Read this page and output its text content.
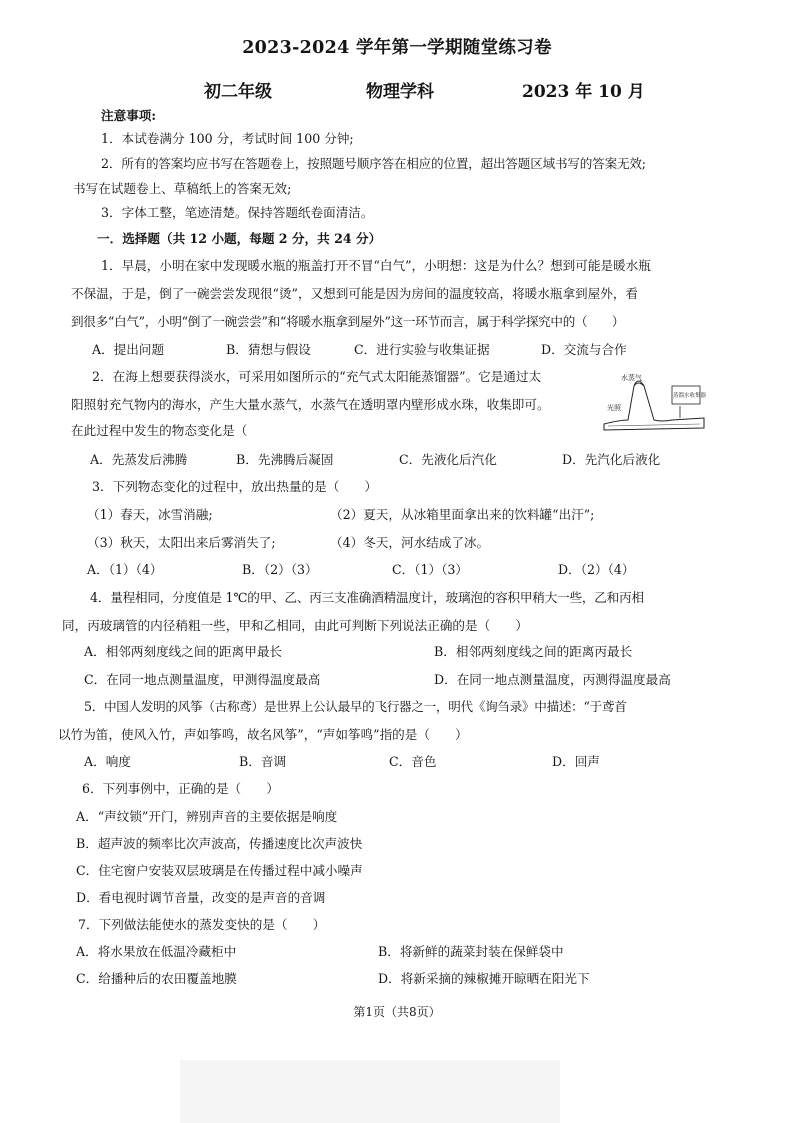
2023-2024 学年第一学期随堂练习卷
初二年级	物理学科	2023 年 10 月
注意事项:
1．本试卷满分 100 分，考试时间 100 分钟;
2．所有的答案均应书写在答题卷上，按照题号顺序答在相应的位置，超出答题区域书写的答案无效;
书写在试题卷上、草稿纸上的答案无效;
3．字体工整，笔迹清楚。保持答题纸卷面清洁。
一．选择题（共 12 小题，每题 2 分，共 24 分）
1．早晨，小明在家中发现暖水瓶的瓶盖打开不冒“白气”，小明想：这是为什么？想到可能是暖水瓶
不保温，于是，倒了一碗尝尝发现很“烫”，又想到可能是因为房间的温度较高，将暖水瓶拿到屋外，看
到很多“白气”，小明“倒了一碗尝尝”和“将暖水瓶拿到屋外”这一环节而言，属于科学探究中的（　　）
A．提出问题	B．猜想与假设	C．进行实验与收集证据	D．交流与合作
2．在海上想要获得淡水，可采用如图所示的“充气式太阳能蒸馏器”。它是通过太
阳照射充气物内的海水，产生大量水蒸气，水蒸气在透明罩内壁形成水珠，收集即可。
在此过程中发生的物态变化是（
水蒸气
光照
蒸馏水收集器
A．先蒸发后沸腾	B．先沸腾后凝固	C．先液化后汽化	D．先汽化后液化
3．下列物态变化的过程中，放出热量的是（　　）
（1）春天，冰雪消融;	（2）夏天，从冰箱里面拿出来的饮料罐“出汗”;
（3）秋天，太阳出来后雾消失了;	（4）冬天，河水结成了冰。
A．（1）（4）	B．（2）（3）	C．（1）（3）	D．（2）（4）
4．量程相同，分度值是 1℃的甲、乙、丙三支准确酒精温度计，玻璃泡的容积甲稍大一些，乙和丙相
同，丙玻璃管的内径稍粗一些，甲和乙相同，由此可判断下列说法正确的是（　　）
A．相邻两刻度线之间的距离甲最长	B．相邻两刻度线之间的距离丙最长
C．在同一地点测量温度，甲测得温度最高	D．在同一地点测量温度，丙测得温度最高
5．中国人发明的风筝（古称鸢）是世界上公认最早的飞行器之一，明代《询刍录》中描述：“于鸢首
以竹为笛，使风入竹，声如筝鸣，故名风筝”，“声如筝鸣”指的是（　　）
A．响度	B．音调	C．音色	D．回声
6．下列事例中，正确的是（　　）
A．“声纹锁”开门，辨别声音的主要依据是响度
B．超声波的频率比次声波高，传播速度比次声波快
C．住宅窗户安装双层玻璃是在传播过程中减小噪声
D．看电视时调节音量，改变的是声音的音调
7．下列做法能使水的蒸发变快的是（　　）
A．将水果放在低温冷藏柜中	B．将新鲜的蔬菜封装在保鲜袋中
C．给播种后的农田覆盖地膜	D．将新采摘的辣椒摊开晾晒在阳光下
第1页（共8页）
